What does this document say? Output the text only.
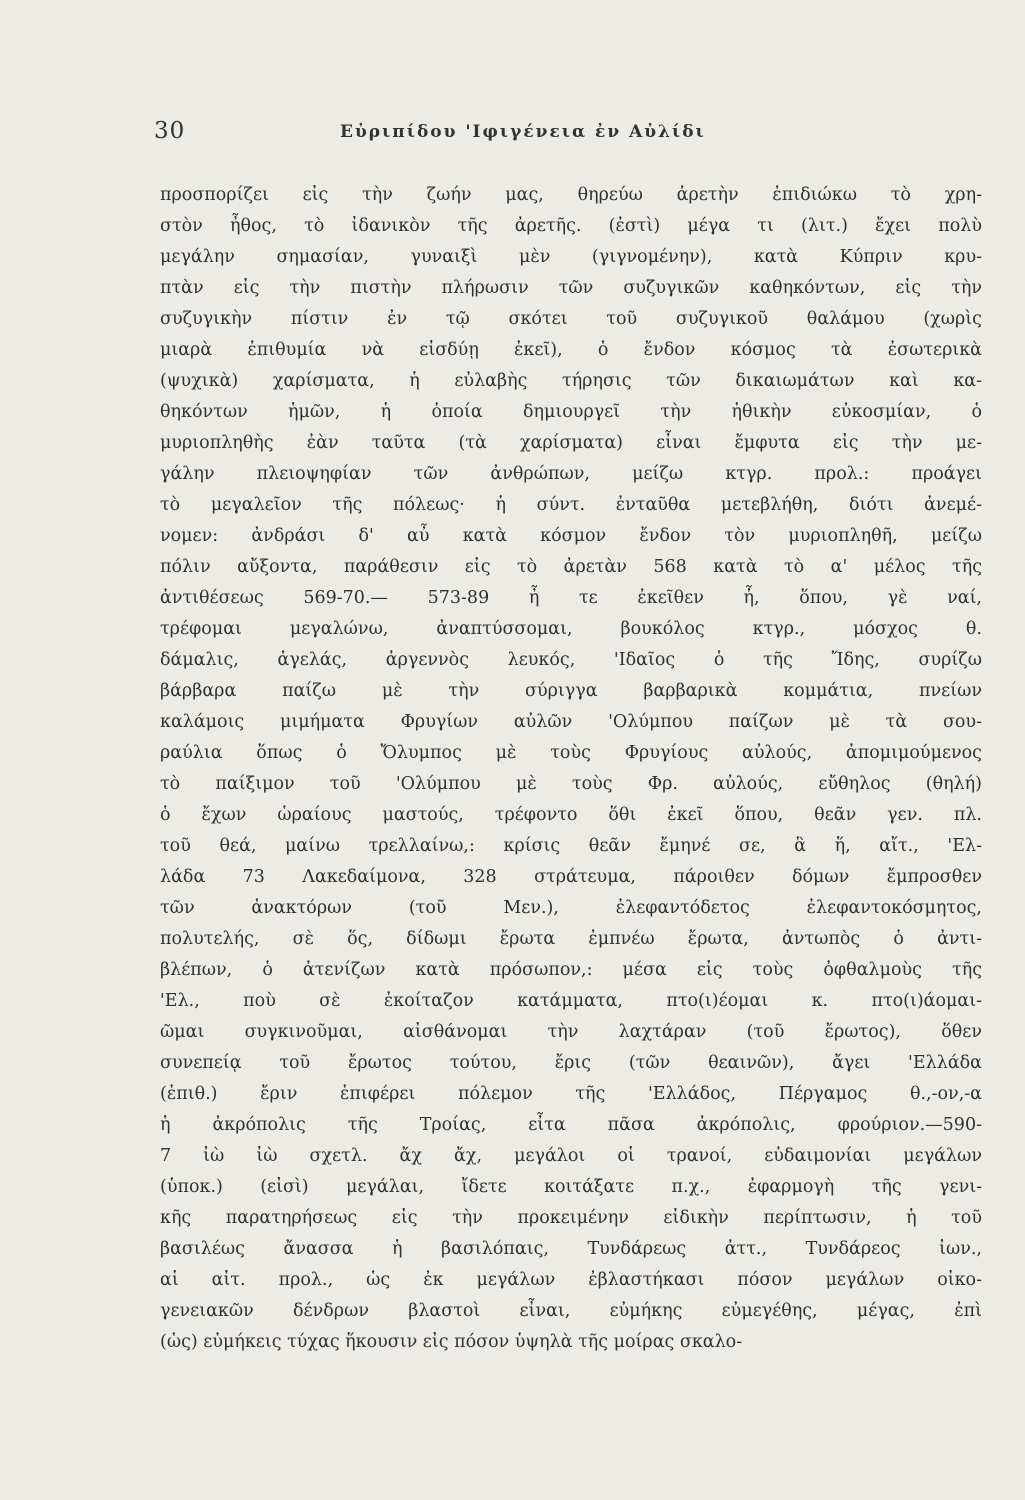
30	Εὐριπίδου 'Ιφιγένεια ἐν Αὐλίδι
προσπορίζει εἰς τὴν ζωήν μας, θηρεύω ἀρετὴν ἐπιδιώκω τὸ χρη-
στὸν ἦθος, τὸ ἰδανικὸν τῆς ἀρετῆς. (ἐστὶ) μέγα τι (λιτ.) ἔχει πολὺ
μεγάλην σημασίαν, γυναιξὶ μὲν (γιγνομένην), κατὰ Κύπριν κρυ-
πτὰν εἰς τὴν πιστὴν πλήρωσιν τῶν συζυγικῶν καθηκόντων, εἰς τὴν
συζυγικὴν πίστιν ἐν τῷ σκότει τοῦ συζυγικοῦ θαλάμου (χωρὶς
μιαρὰ ἐπιθυμία νὰ εἰσδύῃ ἐκεῖ), ὁ ἔνδον κόσμος τὰ ἐσωτερικὰ
(ψυχικὰ) χαρίσματα, ἡ εὐλαβὴς τήρησις τῶν δικαιωμάτων καὶ κα-
θηκόντων ἡμῶν, ἡ ὁποία δημιουργεῖ τὴν ἠθικὴν εὐκοσμίαν, ὁ
μυριοπληθὴς ἐὰν ταῦτα (τὰ χαρίσματα) εἶναι ἔμφυτα εἰς τὴν με-
γάλην πλειοψηφίαν τῶν ἀνθρώπων, μείζω κτγρ. προλ.: προάγει
τὸ μεγαλεῖον τῆς πόλεως· ἡ σύντ. ἐνταῦθα μετεβλήθη, διότι ἀνεμέ-
νομεν: ἀνδράσι δ' αὖ κατὰ κόσμον ἔνδον τὸν μυριοπληθῆ, μείζω
πόλιν αὔξοντα, παράθεσιν εἰς τὸ ἀρετὰν 568 κατὰ τὸ α' μέλος τῆς
ἀντιθέσεως 569-70.— 573-89 ἦ τε ἐκεῖθεν ἦ, ὅπου, γὲ ναί,
τρέφομαι μεγαλώνω, ἀναπτύσσομαι, βουκόλος κτγρ., μόσχος θ.
δάμαλις, ἀγελάς, ἀργεννὸς λευκός, 'Ιδαῖος ὁ τῆς Ἴδης, συρίζω
βάρβαρα παίζω μὲ τὴν σύριγγα βαρβαρικὰ κομμάτια, πνείων
καλάμοις μιμήματα Φρυγίων αὐλῶν 'Ολύμπου παίζων μὲ τὰ σου-
ραύλια ὅπως ὁ Ὄλυμπος μὲ τοὺς Φρυγίους αὐλούς, ἀπομιμούμενος
τὸ παίξιμον τοῦ 'Ολύμπου μὲ τοὺς Φρ. αὐλούς, εὔθηλος (θηλή)
ὁ ἔχων ὡραίους μαστούς, τρέφοντο ὅθι ἐκεῖ ὅπου, θεᾶν γεν. πλ.
τοῦ θεά, μαίνω τρελλαίνω,: κρίσις θεᾶν ἔμηνέ σε, ἃ ἥ, αἴτ., 'Ελ-
λάδα 73 Λακεδαίμονα, 328 στράτευμα, πάροιθεν δόμων ἔμπροσθεν
τῶν ἀνακτόρων (τοῦ Μεν.), ἐλεφαντόδετος ἐλεφαντοκόσμητος,
πολυτελής, σὲ ὅς, δίδωμι ἔρωτα ἐμπνέω ἔρωτα, ἀντωπὸς ὁ ἀντι-
βλέπων, ὁ ἀτενίζων κατὰ πρόσωπον,: μέσα εἰς τοὺς ὀφθαλμοὺς τῆς
'Ελ., ποὺ σὲ ἐκοίταζον κατάμματα, πτο(ι)έομαι κ. πτο(ι)άομαι-
ῶμαι συγκινοῦμαι, αἰσθάνομαι τὴν λαχτάραν (τοῦ ἔρωτος), ὅθεν
συνεπείᾳ τοῦ ἔρωτος τούτου, ἔρις (τῶν θεαινῶν), ἄγει 'Ελλάδα
(ἐπιθ.) ἔριν ἐπιφέρει πόλεμον τῆς 'Ελλάδος, Πέργαμος θ.,-ον,-α
ἡ ἀκρόπολις τῆς Τροίας, εἶτα πᾶσα ἀκρόπολις, φρούριον.—590-
7 ἰὼ ἰὼ σχετλ. ἄχ ἄχ, μεγάλοι οἱ τρανοί, εὐδαιμονίαι μεγάλων
(ὑποκ.) (εἰσὶ) μεγάλαι, ἴδετε κοιτάξατε π.χ., ἐφαρμογὴ τῆς γενι-
κῆς παρατηρήσεως εἰς τὴν προκειμένην εἰδικὴν περίπτωσιν, ἡ τοῦ
βασιλέως ἄνασσα ἡ βασιλόπαις, Τυνδάρεως ἀττ., Τυνδάρεος ἰων.,
αἱ αἰτ. προλ., ὡς ἐκ μεγάλων ἐβλαστήκασι πόσον μεγάλων οἰκο-
γενειακῶν δένδρων βλαστοὶ εἶναι, εὐμήκης εὐμεγέθης, μέγας, ἐπὶ
(ὡς) εὐμήκεις τύχας ἥκουσιν εἰς πόσον ὑψηλὰ τῆς μοίρας σκαλο-
